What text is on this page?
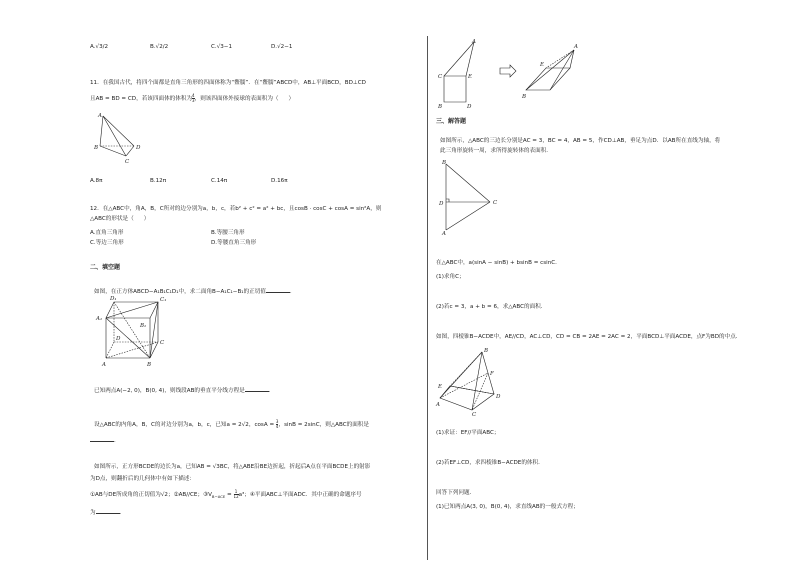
A.√3/2	B.√2/2	C.√3−1	D.√2−1
11．在我国古代，将四个面都是直角三角形的四面体称为“鳖臑”．在“鳖臑”ABCD中，AB⊥平面BCD，BD⊥CD
且AB = BD = CD，若该四面体的体积为 $\frac{4}{3}$ ，则该四面体外接球的表面积为（ ）
A
B
C
D
A.8π	B.12π	C.14π	D.16π
12．在△ABC中，角A，B，C所对的边分别为a，b，c，若b² + c² = a² + bc，且cosB · cosC + cosA = sin²A，则
△ABC的形状是（ ）
A.直角三角形	B.等腰三角形
C.等边三角形	D.等腰直角三角形
二、填空题
如图，在正方体ABCD−A₁B₁C₁D₁中，求二面角B−A₁C₁−B₁的正切值	．
D₁
A₁
B₁
C₁
D
A	B
C
已知两点A(−2, 0)，B(0, 4)，则线段AB的垂直平分线方程是	．
设△ABC的内角A，B，C的对边分别为a，b，c，已知a = 2√2，$\cos A = \frac{3}{4}$ ，sinB = 2sinC，则△ABC的面积是
．
如图所示，正方形BCDE的边长为a，已知AB = √3BC，将△ABE沿BE边折起，折起后A点在平面BCDE上的射影
为D点，则翻折后的几何体中有如下描述：
①AB与DE所成角的正切值为√2；②AB//CE；$③V_{B-ACE} = \frac{1}{12} a^3$；④平面ABC⊥平面ADC．其中正确的命题序号
为	．
A
E
B	D
C
A
B
E
三、解答题
如图所示，△ABC的三边长分别是AC = 3，BC = 4，AB = 5，作CD⊥AB，垂足为点D．以AB所在直线为轴，将
此三角形旋转一周，求所得旋转体的表面积．
B
D	C
A
在△ABC中，a(sinA − sinB) + bsinB = csinC．
(1)求角C；
(2)若c = 3，a + b = 6，求△ABC的面积．
如图，四棱锥B−ACDE中，AE//CD，AC⊥CD，CD = CB = 2AE = 2AC = 2，平面BCD⊥平面ACDE，点F为BD的中点．
B
F
E
D
A
C
(1)求证：EF//平面ABC；
(2)若EF⊥CD，求四棱锥B−ACDE的体积．
回答下列问题．
(1)已知两点A(3, 0)，B(0, 4)，求直线AB的一般式方程；
